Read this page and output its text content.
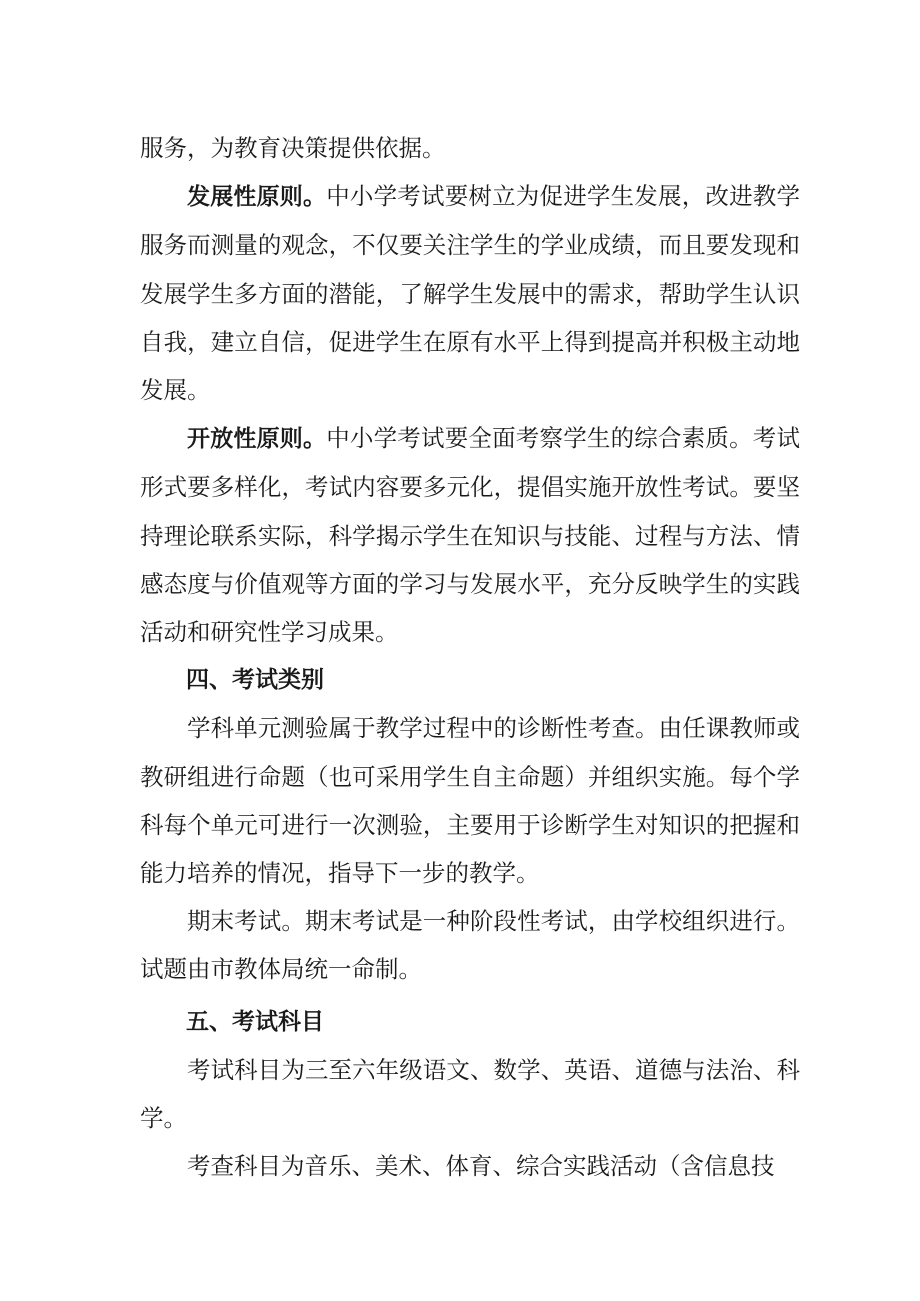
服务，为教育决策提供依据。

发展性原则。中小学考试要树立为促进学生发展，改进教学服务而测量的观念，不仅要关注学生的学业成绩，而且要发现和发展学生多方面的潜能，了解学生发展中的需求，帮助学生认识自我，建立自信，促进学生在原有水平上得到提高并积极主动地发展。

开放性原则。中小学考试要全面考察学生的综合素质。考试形式要多样化，考试内容要多元化，提倡实施开放性考试。要坚持理论联系实际，科学揭示学生在知识与技能、过程与方法、情感态度与价值观等方面的学习与发展水平，充分反映学生的实践活动和研究性学习成果。

四、考试类别

学科单元测验属于教学过程中的诊断性考查。由任课教师或教研组进行命题（也可采用学生自主命题）并组织实施。每个学科每个单元可进行一次测验，主要用于诊断学生对知识的把握和能力培养的情况，指导下一步的教学。

期末考试。期末考试是一种阶段性考试，由学校组织进行。试题由市教体局统一命制。

五、考试科目

考试科目为三至六年级语文、数学、英语、道德与法治、科学。

考查科目为音乐、美术、体育、综合实践活动（含信息技
